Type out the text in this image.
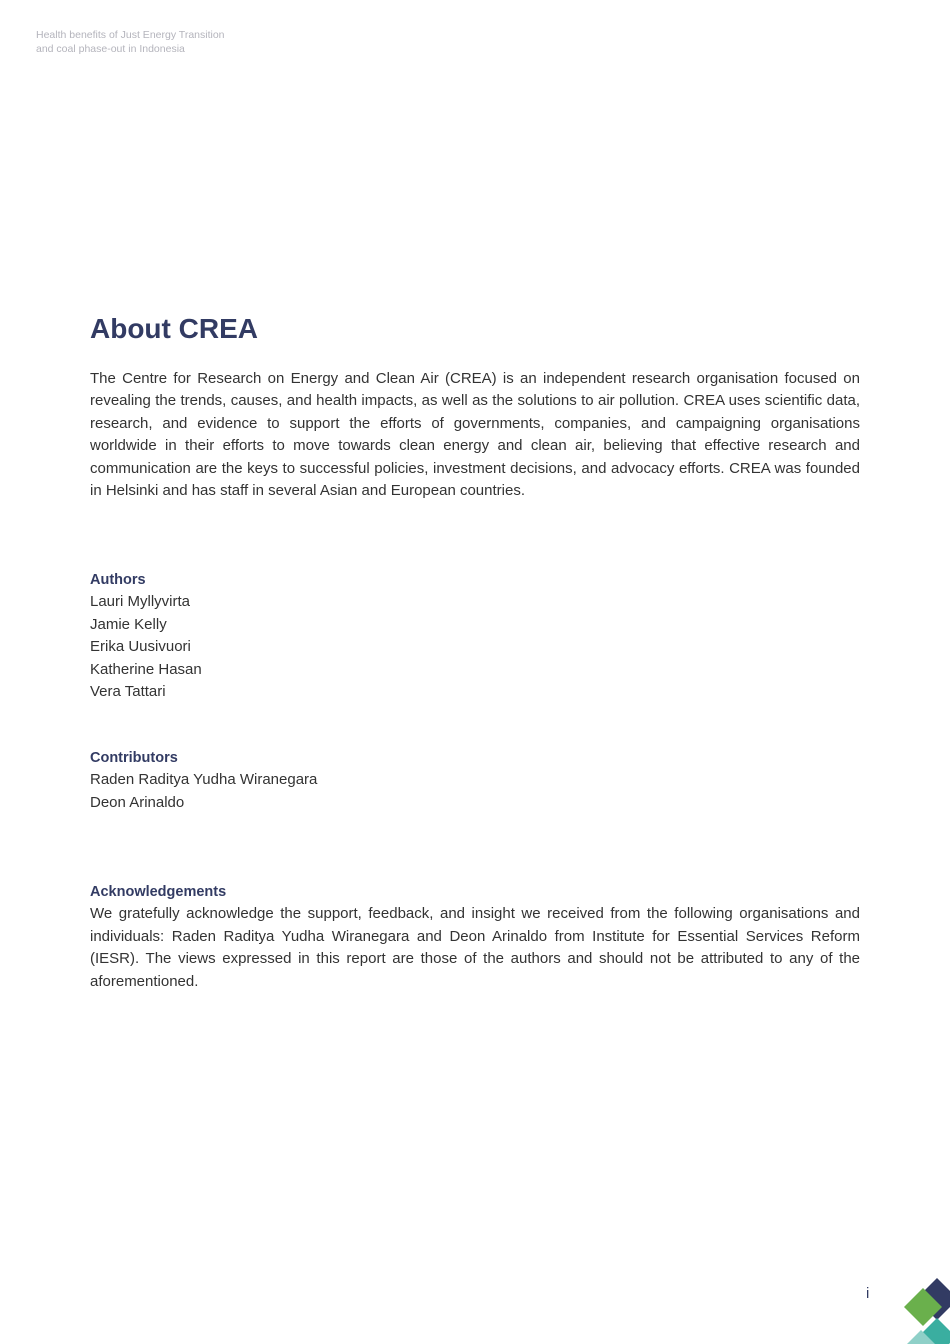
Health benefits of Just Energy Transition
and coal phase-out in Indonesia
About CREA

The Centre for Research on Energy and Clean Air (CREA) is an independent research organisation focused on revealing the trends, causes, and health impacts, as well as the solutions to air pollution. CREA uses scientific data, research, and evidence to support the efforts of governments, companies, and campaigning organisations worldwide in their efforts to move towards clean energy and clean air, believing that effective research and communication are the keys to successful policies, investment decisions, and advocacy efforts. CREA was founded in Helsinki and has staff in several Asian and European countries.

Authors
Lauri Myllyvirta
Jamie Kelly
Erika Uusivuori
Katherine Hasan
Vera Tattari
Contributors
Raden Raditya Yudha Wiranegara
Deon Arinaldo
Acknowledgements

We gratefully acknowledge the support, feedback, and insight we received from the following organisations and individuals: Raden Raditya Yudha Wiranegara and Deon Arinaldo from Institute for Essential Services Reform (IESR). The views expressed in this report are those of the authors and should not be attributed to any of the aforementioned.

i
